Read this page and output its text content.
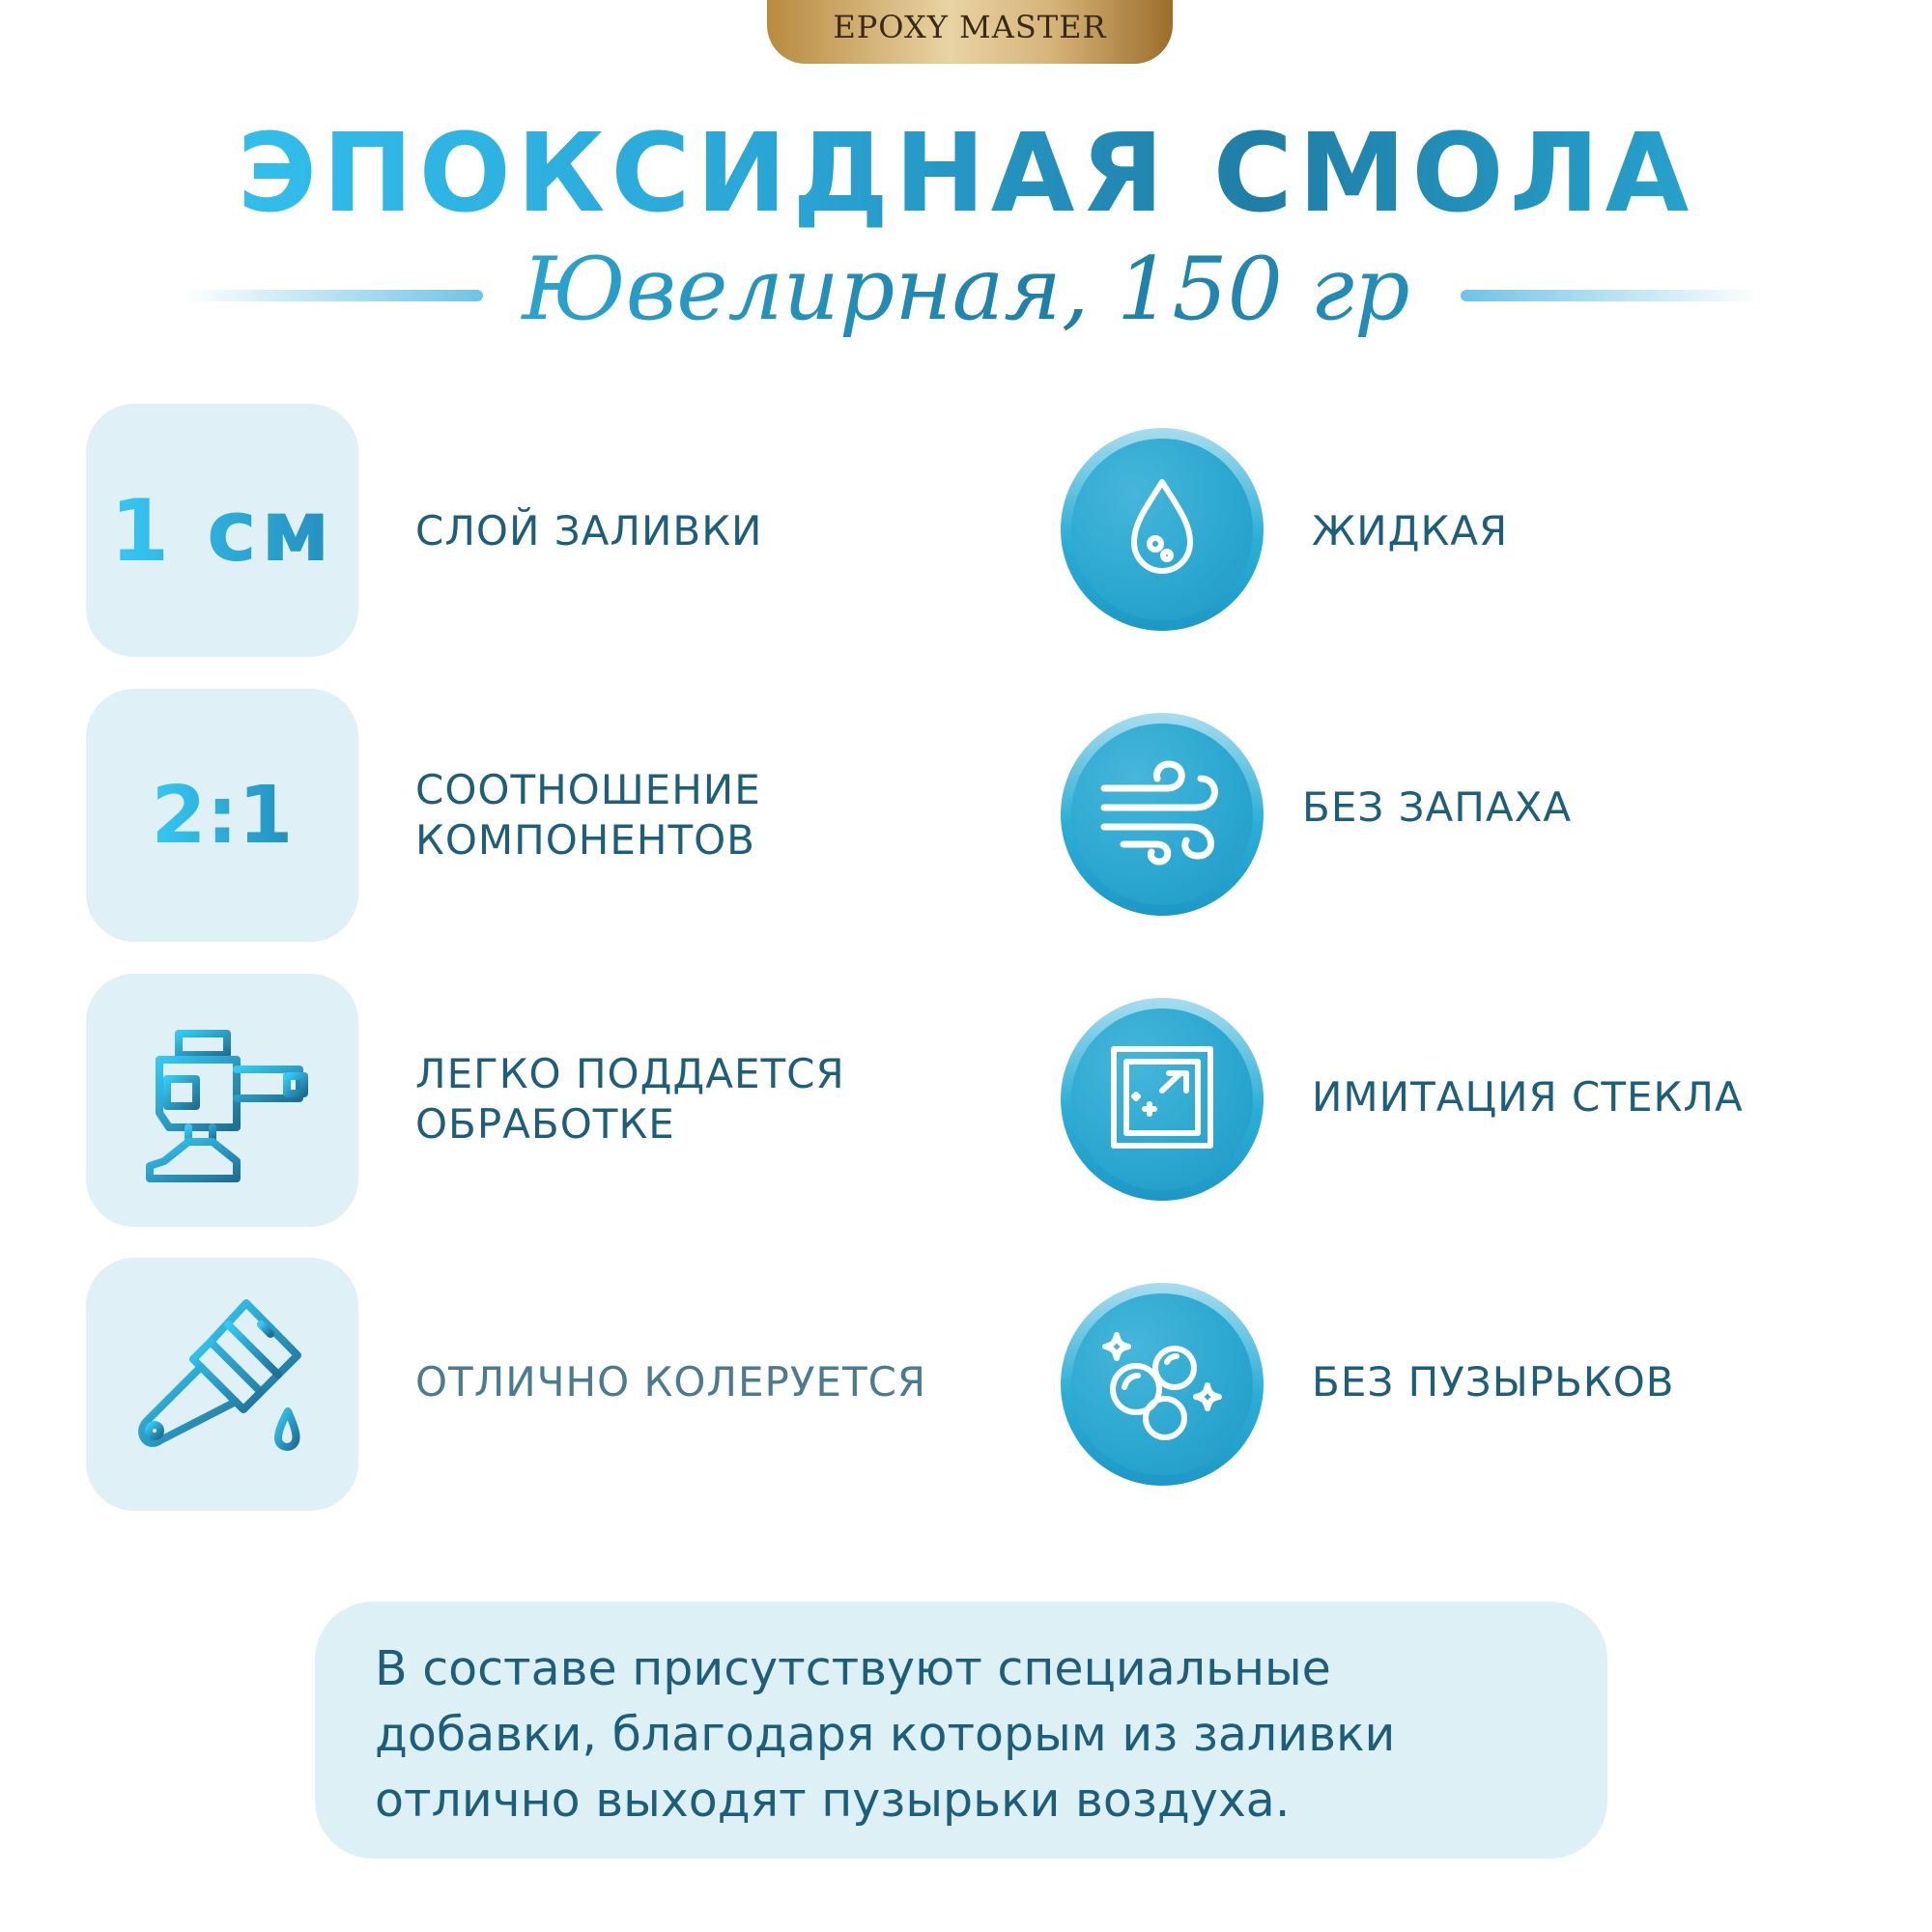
EPOXY MASTER
ЭПОКСИДНАЯ СМОЛА
Ювелирная, 150 гр
1 см СЛОЙ ЗАЛИВКИ
2:1	СООТНОШЕНИЕ
КОМПОНЕНТОВ
ЛЕГКО ПОДДАЕТСЯ
ОБРАБОТКЕ
ОТЛИЧНО КОЛЕРУЕТСЯ
ЖИДКАЯ
БЕЗ ЗАПАХА
ИМИТАЦИЯ СТЕКЛА
БЕЗ ПУЗЫРЬКОВ
В составе присутствуют специальные
добавки, благодаря которым из заливки
отлично выходят пузырьки воздуха.
